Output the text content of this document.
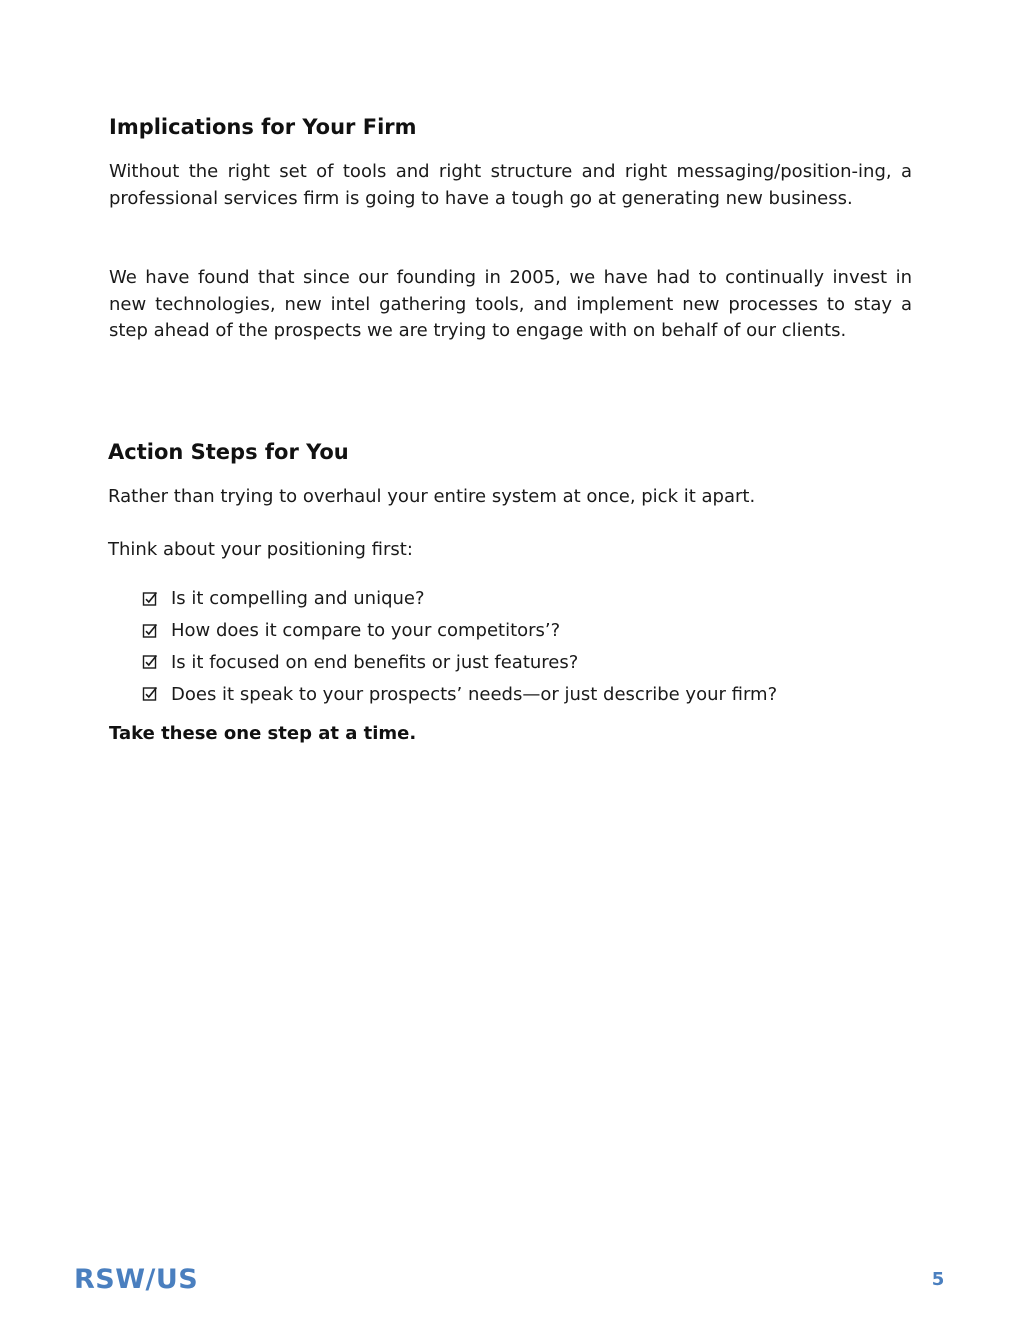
Implications for Your Firm

Without the right set of tools and right structure and right messaging/position-ing, a professional services firm is going to have a tough go at generating new business.

We have found that since our founding in 2005, we have had to continually invest in new technologies, new intel gathering tools, and implement new processes to stay a step ahead of the prospects we are trying to engage with on behalf of our clients.

Action Steps for You

Rather than trying to overhaul your entire system at once, pick it apart.

Think about your positioning first:

Is it compelling and unique?
How does it compare to your competitors’?
Is it focused on end benefits or just features?
Does it speak to your prospects’ needs—or just describe your firm?

Take these one step at a time.

RSW/US	5
